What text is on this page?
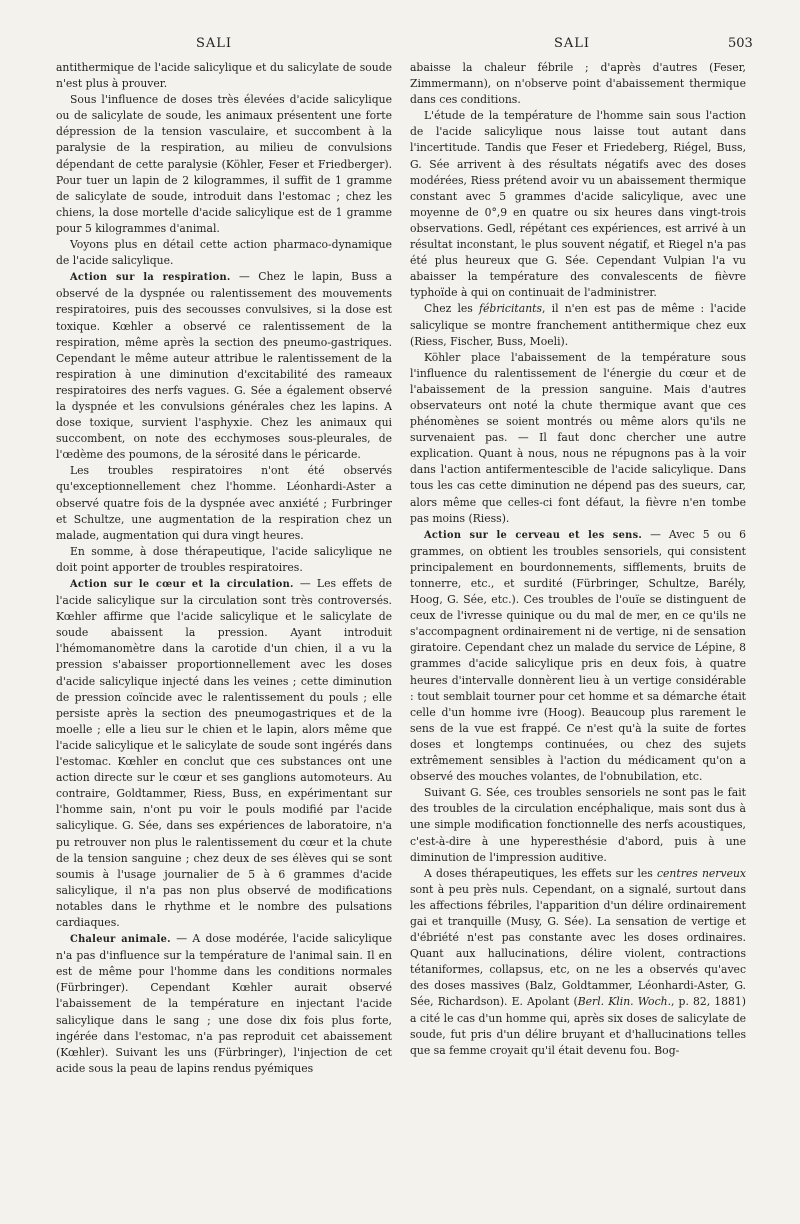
SALI	SALI	503

antithermique de l'acide salicylique et du salicylate de soude n'est plus à prouver.

Sous l'influence de doses très élevées d'acide salicylique ou de salicylate de soude, les animaux présentent une forte dépression de la tension vasculaire, et succombent à la paralysie de la respiration, au milieu de convulsions dépendant de cette paralysie (Köhler, Feser et Friedberger). Pour tuer un lapin de 2 kilogrammes, il suffit de 1 gramme de salicylate de soude, introduit dans l'estomac ; chez les chiens, la dose mortelle d'acide salicylique est de 1 gramme pour 5 kilogrammes d'animal.

Voyons plus en détail cette action pharmaco-dynamique de l'acide salicylique.

Action sur la respiration. — Chez le lapin, Buss a observé de la dyspnée ou ralentissement des mouvements respiratoires, puis des secousses convulsives, si la dose est toxique. Kœhler a observé ce ralentissement de la respiration, même après la section des pneumo-gastriques. Cependant le même auteur attribue le ralentissement de la respiration à une diminution d'excitabilité des rameaux respiratoires des nerfs vagues. G. Sée a également observé la dyspnée et les convulsions générales chez les lapins. A dose toxique, survient l'asphyxie. Chez les animaux qui succombent, on note des ecchymoses sous-pleurales, de l'œdème des poumons, de la sérosité dans le péricarde.

Les troubles respiratoires n'ont été observés qu'exceptionnellement chez l'homme. Léonhardi-Aster a observé quatre fois de la dyspnée avec anxiété ; Furbringer et Schultze, une augmentation de la respiration chez un malade, augmentation qui dura vingt heures.

En somme, à dose thérapeutique, l'acide salicylique ne doit point apporter de troubles respiratoires.

Action sur le cœur et la circulation. — Les effets de l'acide salicylique sur la circulation sont très controversés. Kœhler affirme que l'acide salicylique et le salicylate de soude abaissent la pression. Ayant introduit l'hémomanomètre dans la carotide d'un chien, il a vu la pression s'abaisser proportionnellement avec les doses d'acide salicylique injecté dans les veines ; cette diminution de pression coïncide avec le ralentissement du pouls ; elle persiste après la section des pneumogastriques et de la moelle ; elle a lieu sur le chien et le lapin, alors même que l'acide salicylique et le salicylate de soude sont ingérés dans l'estomac. Kœhler en conclut que ces substances ont une action directe sur le cœur et ses ganglions automoteurs. Au contraire, Goldtammer, Riess, Buss, en expérimentant sur l'homme sain, n'ont pu voir le pouls modifié par l'acide salicylique. G. Sée, dans ses expériences de laboratoire, n'a pu retrouver non plus le ralentissement du cœur et la chute de la tension sanguine ; chez deux de ses élèves qui se sont soumis à l'usage journalier de 5 à 6 grammes d'acide salicylique, il n'a pas non plus observé de modifications notables dans le rhythme et le nombre des pulsations cardiaques.

Chaleur animale. — A dose modérée, l'acide salicylique n'a pas d'influence sur la température de l'animal sain. Il en est de même pour l'homme dans les conditions normales (Fürbringer). Cependant Kœhler aurait observé l'abaissement de la température en injectant l'acide salicylique dans le sang ; une dose dix fois plus forte, ingérée dans l'estomac, n'a pas reproduit cet abaissement (Kœhler). Suivant les uns (Fürbringer), l'injection de cet acide sous la peau de lapins rendus pyémiques

abaisse la chaleur fébrile ; d'après d'autres (Feser, Zimmermann), on n'observe point d'abaissement thermique dans ces conditions.

L'étude de la température de l'homme sain sous l'action de l'acide salicylique nous laisse tout autant dans l'incertitude. Tandis que Feser et Friedeberg, Riégel, Buss, G. Sée arrivent à des résultats négatifs avec des doses modérées, Riess prétend avoir vu un abaissement thermique constant avec 5 grammes d'acide salicylique, avec une moyenne de 0°,9 en quatre ou six heures dans vingt-trois observations. Gedl, répétant ces expériences, est arrivé à un résultat inconstant, le plus souvent négatif, et Riegel n'a pas été plus heureux que G. Sée. Cependant Vulpian l'a vu abaisser la température des convalescents de fièvre typhoïde à qui on continuait de l'administrer.

Chez les fébricitants, il n'en est pas de même : l'acide salicylique se montre franchement antithermique chez eux (Riess, Fischer, Buss, Moeli).

Köhler place l'abaissement de la température sous l'influence du ralentissement de l'énergie du cœur et de l'abaissement de la pression sanguine. Mais d'autres observateurs ont noté la chute thermique avant que ces phénomènes se soient montrés ou même alors qu'ils ne survenaient pas. — Il faut donc chercher une autre explication. Quant à nous, nous ne répugnons pas à la voir dans l'action antifermentescible de l'acide salicylique. Dans tous les cas cette diminution ne dépend pas des sueurs, car, alors même que celles-ci font défaut, la fièvre n'en tombe pas moins (Riess).

Action sur le cerveau et les sens. — Avec 5 ou 6 grammes, on obtient les troubles sensoriels, qui consistent principalement en bourdonnements, sifflements, bruits de tonnerre, etc., et surdité (Fürbringer, Schultze, Barély, Hoog, G. Sée, etc.). Ces troubles de l'ouïe se distinguent de ceux de l'ivresse quinique ou du mal de mer, en ce qu'ils ne s'accompagnent ordinairement ni de vertige, ni de sensation giratoire. Cependant chez un malade du service de Lépine, 8 grammes d'acide salicylique pris en deux fois, à quatre heures d'intervalle donnèrent lieu à un vertige considérable : tout semblait tourner pour cet homme et sa démarche était celle d'un homme ivre (Hoog). Beaucoup plus rarement le sens de la vue est frappé. Ce n'est qu'à la suite de fortes doses et longtemps continuées, ou chez des sujets extrêmement sensibles à l'action du médicament qu'on a observé des mouches volantes, de l'obnubilation, etc.

Suivant G. Sée, ces troubles sensoriels ne sont pas le fait des troubles de la circulation encéphalique, mais sont dus à une simple modification fonctionnelle des nerfs acoustiques, c'est-à-dire à une hyperesthésie d'abord, puis à une diminution de l'impression auditive.

A doses thérapeutiques, les effets sur les centres nerveux sont à peu près nuls. Cependant, on a signalé, surtout dans les affections fébriles, l'apparition d'un délire ordinairement gai et tranquille (Musy, G. Sée). La sensation de vertige et d'ébriété n'est pas constante avec les doses ordinaires. Quant aux hallucinations, délire violent, contractions tétaniformes, collapsus, etc, on ne les a observés qu'avec des doses massives (Balz, Goldtammer, Léonhardi-Aster, G. Sée, Richardson). E. Apolant (Berl. Klin. Woch., p. 82, 1881) a cité le cas d'un homme qui, après six doses de salicylate de soude, fut pris d'un délire bruyant et d'hallucinations telles que sa femme croyait qu'il était devenu fou. Bog-
